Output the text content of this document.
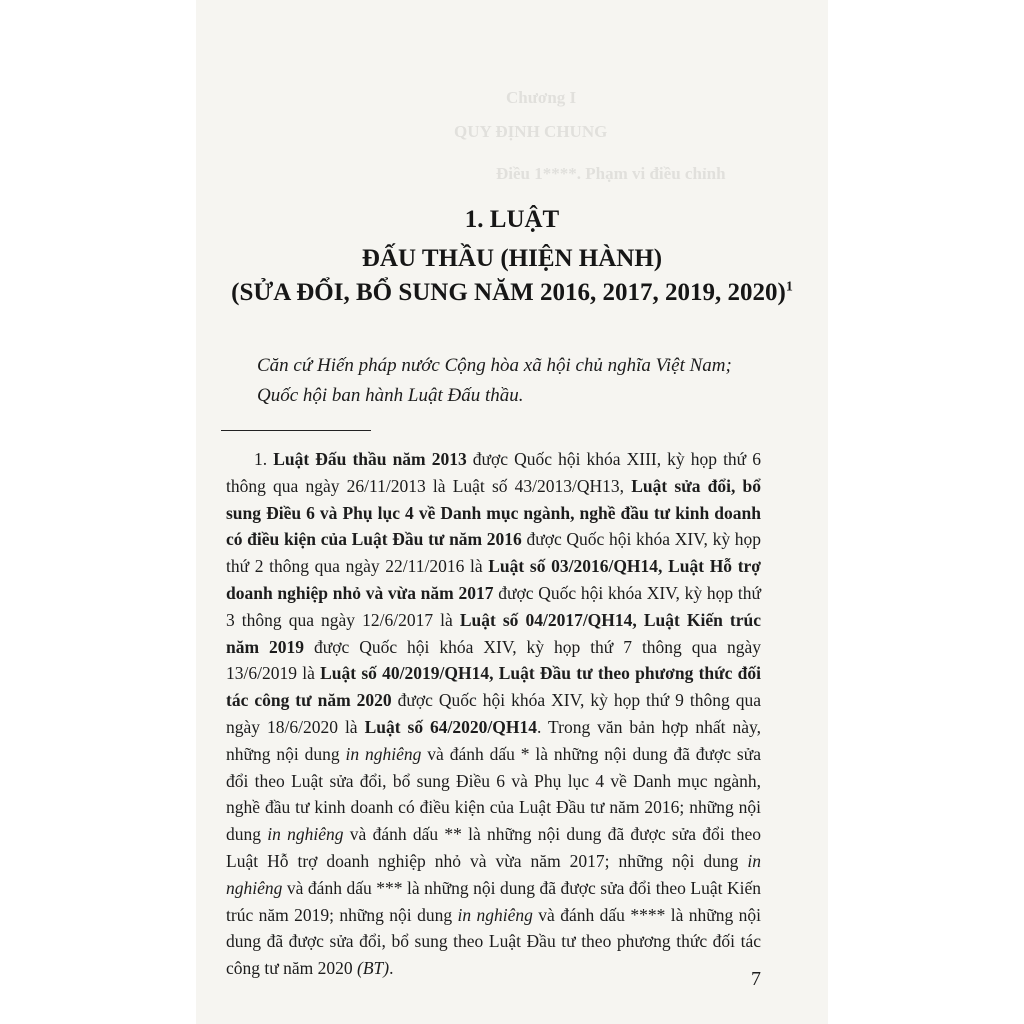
Chương I
QUY ĐỊNH CHUNG
Điều 1****. Phạm vi điều chỉnh
1. LUẬT
ĐẤU THẦU (HIỆN HÀNH)
(SỬA ĐỔI, BỔ SUNG NĂM 2016, 2017, 2019, 2020)$^1$
Căn cứ Hiến pháp nước Cộng hòa xã hội chủ nghĩa Việt Nam;
Quốc hội ban hành Luật Đấu thầu.

1. Luật Đấu thầu năm 2013 được Quốc hội khóa XIII, kỳ họp thứ 6 thông qua ngày 26/11/2013 là Luật số 43/2013/QH13, Luật sửa đổi, bổ sung Điều 6 và Phụ lục 4 về Danh mục ngành, nghề đầu tư kinh doanh có điều kiện của Luật Đầu tư năm 2016 được Quốc hội khóa XIV, kỳ họp thứ 2 thông qua ngày 22/11/2016 là Luật số 03/2016/QH14, Luật Hỗ trợ doanh nghiệp nhỏ và vừa năm 2017 được Quốc hội khóa XIV, kỳ họp thứ 3 thông qua ngày 12/6/2017 là Luật số 04/2017/QH14, Luật Kiến trúc năm 2019 được Quốc hội khóa XIV, kỳ họp thứ 7 thông qua ngày 13/6/2019 là Luật số 40/2019/QH14, Luật Đầu tư theo phương thức đối tác công tư năm 2020 được Quốc hội khóa XIV, kỳ họp thứ 9 thông qua ngày 18/6/2020 là Luật số 64/2020/QH14. Trong văn bản hợp nhất này, những nội dung in nghiêng và đánh dấu * là những nội dung đã được sửa đổi theo Luật sửa đổi, bổ sung Điều 6 và Phụ lục 4 về Danh mục ngành, nghề đầu tư kinh doanh có điều kiện của Luật Đầu tư năm 2016; những nội dung in nghiêng và đánh dấu ** là những nội dung đã được sửa đổi theo Luật Hỗ trợ doanh nghiệp nhỏ và vừa năm 2017; những nội dung in nghiêng và đánh dấu *** là những nội dung đã được sửa đổi theo Luật Kiến trúc năm 2019; những nội dung in nghiêng và đánh dấu **** là những nội dung đã được sửa đổi, bổ sung theo Luật Đầu tư theo phương thức đối tác công tư năm 2020 (BT).	7
